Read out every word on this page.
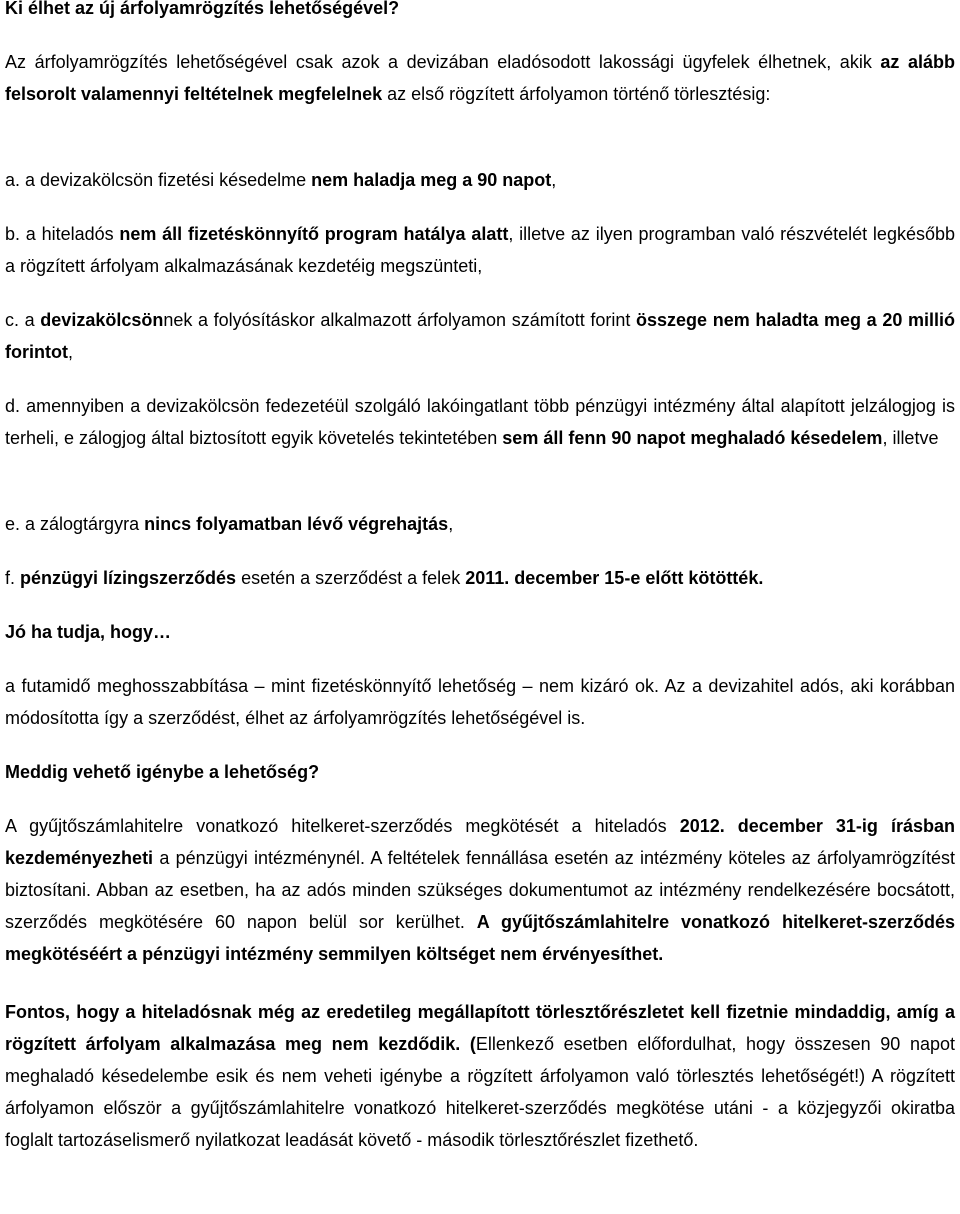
Ki élhet az új árfolyamrögzítés lehetőségével?

Az árfolyamrögzítés lehetőségével csak azok a devizában eladósodott lakossági ügyfelek élhetnek, akik az alább felsorolt valamennyi feltételnek megfelelnek az első rögzített árfolyamon történő törlesztésig:

a. a devizakölcsön fizetési késedelme nem haladja meg a 90 napot,

b. a hiteladós nem áll fizetéskönnyítő program hatálya alatt, illetve az ilyen programban való részvételét legkésőbb a rögzített árfolyam alkalmazásának kezdetéig megszünteti,

c. a devizakölcsönnek a folyósításkor alkalmazott árfolyamon számított forint összege nem haladta meg a 20 millió forintot,

d. amennyiben a devizakölcsön fedezetéül szolgáló lakóingatlant több pénzügyi intézmény által alapított jelzálogjog is terheli, e zálogjog által biztosított egyik követelés tekintetében sem áll fenn 90 napot meghaladó késedelem, illetve

e. a zálogtárgyra nincs folyamatban lévő végrehajtás,

f. pénzügyi lízingszerződés esetén a szerződést a felek 2011. december 15-e előtt kötötték.

Jó ha tudja, hogy…

a futamidő meghosszabbítása – mint fizetéskönnyítő lehetőség – nem kizáró ok. Az a devizahitel adós, aki korábban módosította így a szerződést, élhet az árfolyamrögzítés lehetőségével is.

Meddig vehető igénybe a lehetőség?

A gyűjtőszámlahitelre vonatkozó hitelkeret-szerződés megkötését a hiteladós 2012. december 31-ig írásban kezdeményezheti a pénzügyi intézménynél. A feltételek fennállása esetén az intézmény köteles az árfolyamrögzítést biztosítani. Abban az esetben, ha az adós minden szükséges dokumentumot az intézmény rendelkezésére bocsátott, szerződés megkötésére 60 napon belül sor kerülhet. A gyűjtőszámlahitelre vonatkozó hitelkeret-szerződés megkötéséért a pénzügyi intézmény semmilyen költséget nem érvényesíthet.

Fontos, hogy a hiteladósnak még az eredetileg megállapított törlesztőrészletet kell fizetnie mindaddig, amíg a rögzített árfolyam alkalmazása meg nem kezdődik. (Ellenkező esetben előfordulhat, hogy összesen 90 napot meghaladó késedelembe esik és nem veheti igénybe a rögzített árfolyamon való törlesztés lehetőségét!) A rögzített árfolyamon először a gyűjtőszámlahitelre vonatkozó hitelkeret-szerződés megkötése utáni - a közjegyzői okiratba foglalt tartozáselismerő nyilatkozat leadását követő - második törlesztőrészlet fizethető.
